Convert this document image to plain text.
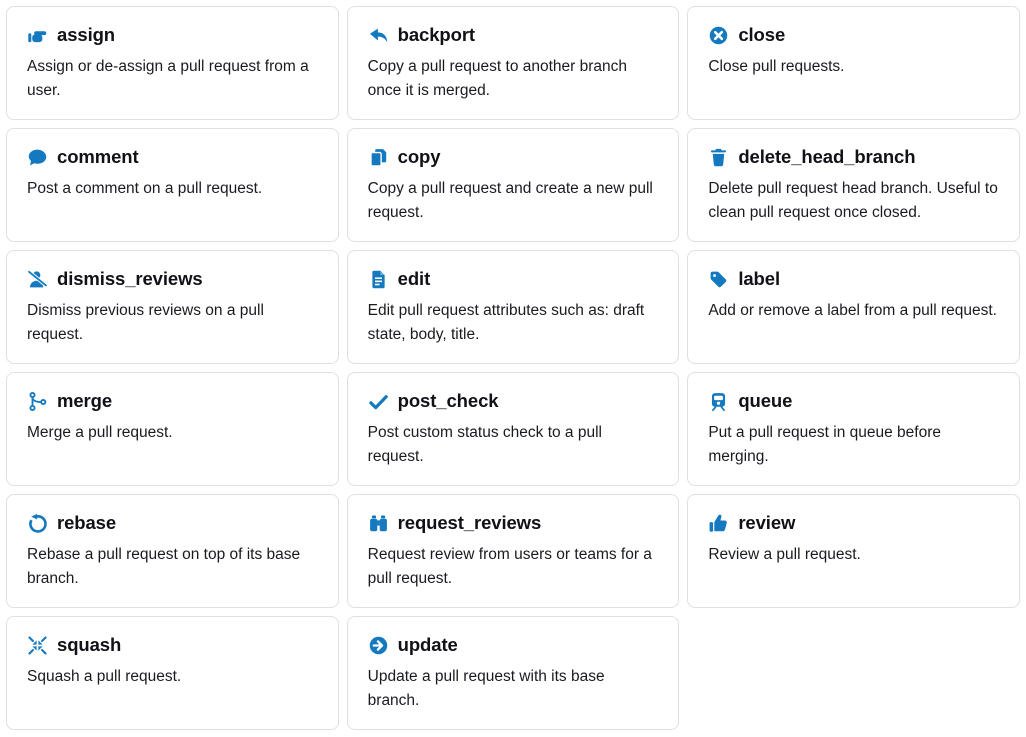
assign

Assign or de-assign a pull request from a user.

backport

Copy a pull request to another branch once it is merged.

close

Close pull requests.

comment

Post a comment on a pull request.

copy

Copy a pull request and create a new pull request.

delete_head_branch

Delete pull request head branch. Useful to clean pull request once closed.

dismiss_reviews

Dismiss previous reviews on a pull request.

edit

Edit pull request attributes such as: draft state, body, title.

label

Add or remove a label from a pull request.

merge

Merge a pull request.

post_check

Post custom status check to a pull request.

queue

Put a pull request in queue before merging.

rebase

Rebase a pull request on top of its base branch.

request_reviews

Request review from users or teams for a pull request.

review

Review a pull request.

squash

Squash a pull request.

update

Update a pull request with its base branch.
